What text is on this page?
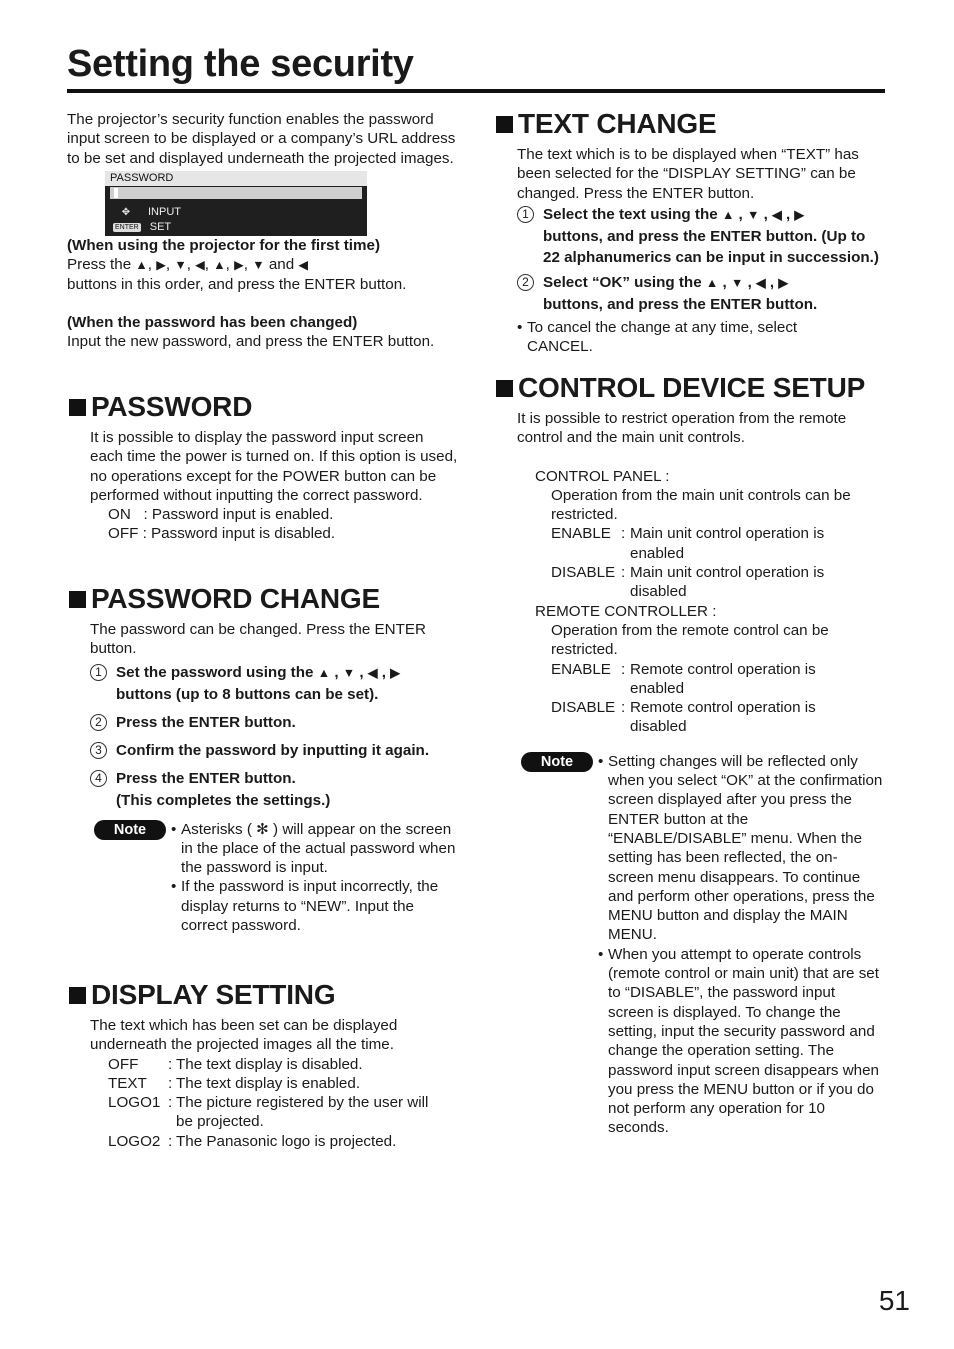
Setting the security

The projector’s security function enables the password input screen to be displayed or a company’s URL address to be set and displayed underneath the projected images.

PASSWORD
✥	INPUT
ENTER SET

(When using the projector for the first time)

Press the ▲, ▶, ▼, ◀, ▲, ▶, ▼ and ◀
buttons in this order, and press the ENTER button.

(When the password has been changed)

Input the new password, and press the ENTER button.

PASSWORD

It is possible to display the password input screen each time the power is turned on. If this option is used, no operations except for the POWER button can be performed without inputting the correct password.

ON   : Password input is enabled.

OFF : Password input is disabled.

PASSWORD CHANGE

The password can be changed. Press the ENTER button.

1 Set the password using the ▲ , ▼ , ◀ , ▶
buttons (up to 8 buttons can be set).
2 Press the ENTER button.
3 Confirm the password by inputting it again.
4 Press the ENTER button.
(This completes the settings.)
Note	• Asterisks ( ✻ ) will appear on the screen in the place of the actual password when the password is input.
• If the password is input incorrectly, the display returns to “NEW”. Input the correct password.
DISPLAY SETTING

The text which has been set can be displayed underneath the projected images all the time.

OFF	: The text display is disabled.
TEXT	: The text display is enabled.
LOGO1 : The picture registered by the user will be projected.
LOGO2 : The Panasonic logo is projected.
TEXT CHANGE

The text which is to be displayed when “TEXT” has been selected for the “DISPLAY SETTING” can be changed. Press the ENTER button.

1 Select the text using the ▲ , ▼ , ◀ , ▶
buttons, and press the ENTER button. (Up to 22 alphanumerics can be input in succession.)
2 Select “OK” using the ▲ , ▼ , ◀ , ▶
buttons, and press the ENTER button.
• To cancel the change at any time, select CANCEL.
CONTROL DEVICE SETUP

It is possible to restrict operation from the remote control and the main unit controls.

CONTROL PANEL :

Operation from the main unit controls can be restricted.

ENABLE : Main unit control operation is enabled
DISABLE : Main unit control operation is disabled

REMOTE CONTROLLER :

Operation from the remote control can be restricted.

ENABLE : Remote control operation is enabled
DISABLE : Remote control operation is disabled
Note	• Setting changes will be reflected only when you select “OK” at the confirmation screen displayed after you press the ENTER button at the “ENABLE/DISABLE” menu. When the setting has been reflected, the on-screen menu disappears. To continue and perform other operations, press the MENU button and display the MAIN MENU.
• When you attempt to operate controls (remote control or main unit) that are set to “DISABLE”, the password input screen is displayed. To change the setting, input the security password and change the operation setting. The password input screen disappears when you press the MENU button or if you do not perform any operation for 10 seconds.
51
